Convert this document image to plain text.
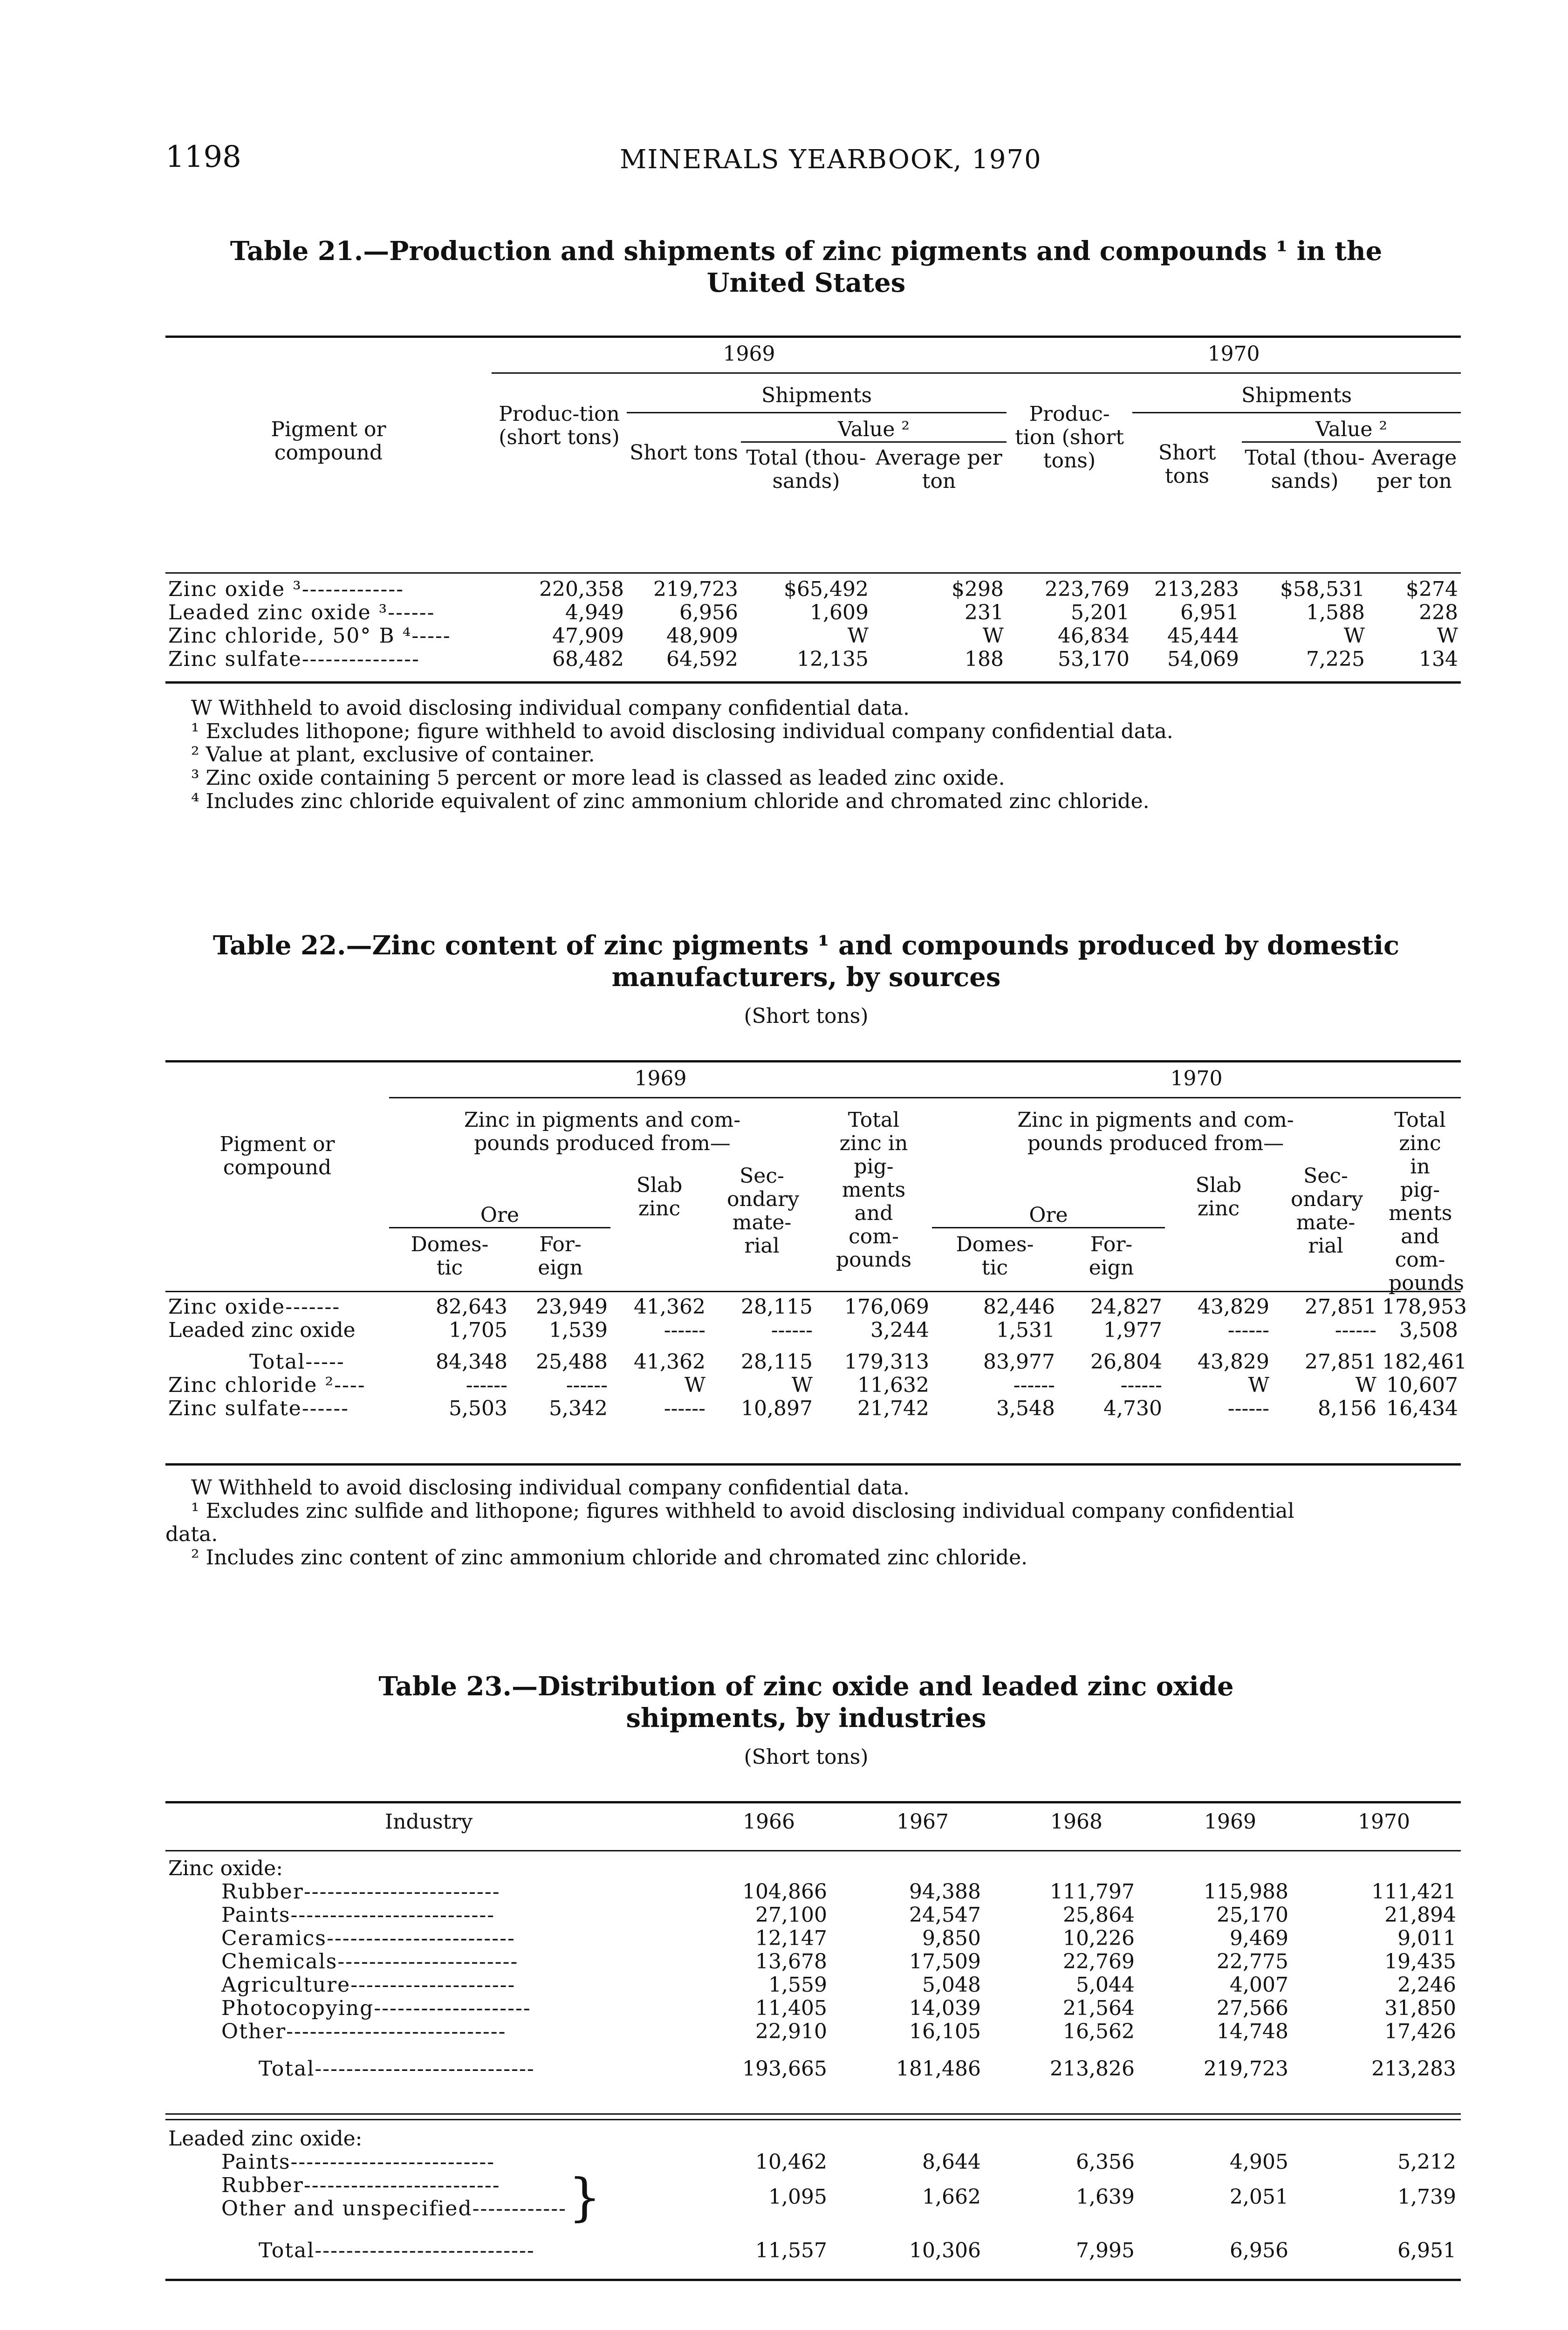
1198	MINERALS YEARBOOK, 1970
Table 21.—Production and shipments of zinc pigments and compounds ¹ in the
United States
	1969				1970			

Pigment or compound	Produc-tion (short tons)	Shipments			Produc-tion (short tons)	Shipments		
		Short tons	Value ²			Short tons	Value ²	
			Total (thou-sands)	Average per ton			Total (thou-sands)	Average per ton

Zinc oxide ³-------------	220,358	219,723	$65,492	$298	223,769	213,283	$58,531	$274
Leaded zinc oxide ³------	4,949	6,956	1,609	231	5,201	6,951	1,588	228
Zinc chloride, 50° B ⁴-----	47,909	48,909	W	W	46,834	45,444	W	W
Zinc sulfate---------------	68,482	64,592	12,135	188	53,170	54,069	7,225	134
W Withheld to avoid disclosing individual company confidential data.
¹ Excludes lithopone; figure withheld to avoid disclosing individual company confidential data.
² Value at plant, exclusive of container.
³ Zinc oxide containing 5 percent or more lead is classed as leaded zinc oxide.
⁴ Includes zinc chloride equivalent of zinc ammonium chloride and chromated zinc chloride.
Table 22.—Zinc content of zinc pigments ¹ and compounds produced by domestic
manufacturers, by sources
(Short tons)
	1969					1970				

Pigment or compound	Zinc in pigments and com-pounds produced from—				Total zinc in pig-ments and com-pounds	Zinc in pigments and com-pounds produced from—				Total zinc in pig-ments and com-pounds
	Ore		Slab zinc	Sec-ondary mate-rial		Ore		Slab zinc	Sec-ondary mate-rial	
	Domes-tic	For-eign				Domes-tic	For-eign			

Zinc oxide-------	82,643	23,949	41,362	28,115	176,069	82,446	24,827	43,829	27,851	178,953
Leaded zinc oxide	1,705	1,539	------	------	3,244	1,531	1,977	------	------	3,508

Total-----	84,348	25,488	41,362	28,115	179,313	83,977	26,804	43,829	27,851	182,461
Zinc chloride ²----	------	------	W	W	11,632	------	------	W	W	10,607
Zinc sulfate------	5,503	5,342	------	10,897	21,742	3,548	4,730	------	8,156	16,434
W Withheld to avoid disclosing individual company confidential data.
¹ Excludes zinc sulfide and lithopone; figures withheld to avoid disclosing individual company confidential
data.
² Includes zinc content of zinc ammonium chloride and chromated zinc chloride.
Table 23.—Distribution of zinc oxide and leaded zinc oxide
shipments, by industries
(Short tons)
Industry	1966	1967	1968	1969	1970
Zinc oxide:					
Rubber-------------------------	104,866	94,388	111,797	115,988	111,421
Paints--------------------------	27,100	24,547	25,864	25,170	21,894
Ceramics------------------------	12,147	9,850	10,226	9,469	9,011
Chemicals-----------------------	13,678	17,509	22,769	22,775	19,435
Agriculture---------------------	1,559	5,048	5,044	4,007	2,246
Photocopying--------------------	11,405	14,039	21,564	27,566	31,850
Other----------------------------	22,910	16,105	16,562	14,748	17,426

Total----------------------------	193,665	181,486	213,826	219,723	213,283
Leaded zinc oxide:					
Paints--------------------------	10,462	8,644	6,356	4,905	5,212

Rubber-------------------------
Other and unspecified------------ }	1,095	1,662	1,639	2,051	1,739

Total----------------------------	11,557	10,306	7,995	6,956	6,951
